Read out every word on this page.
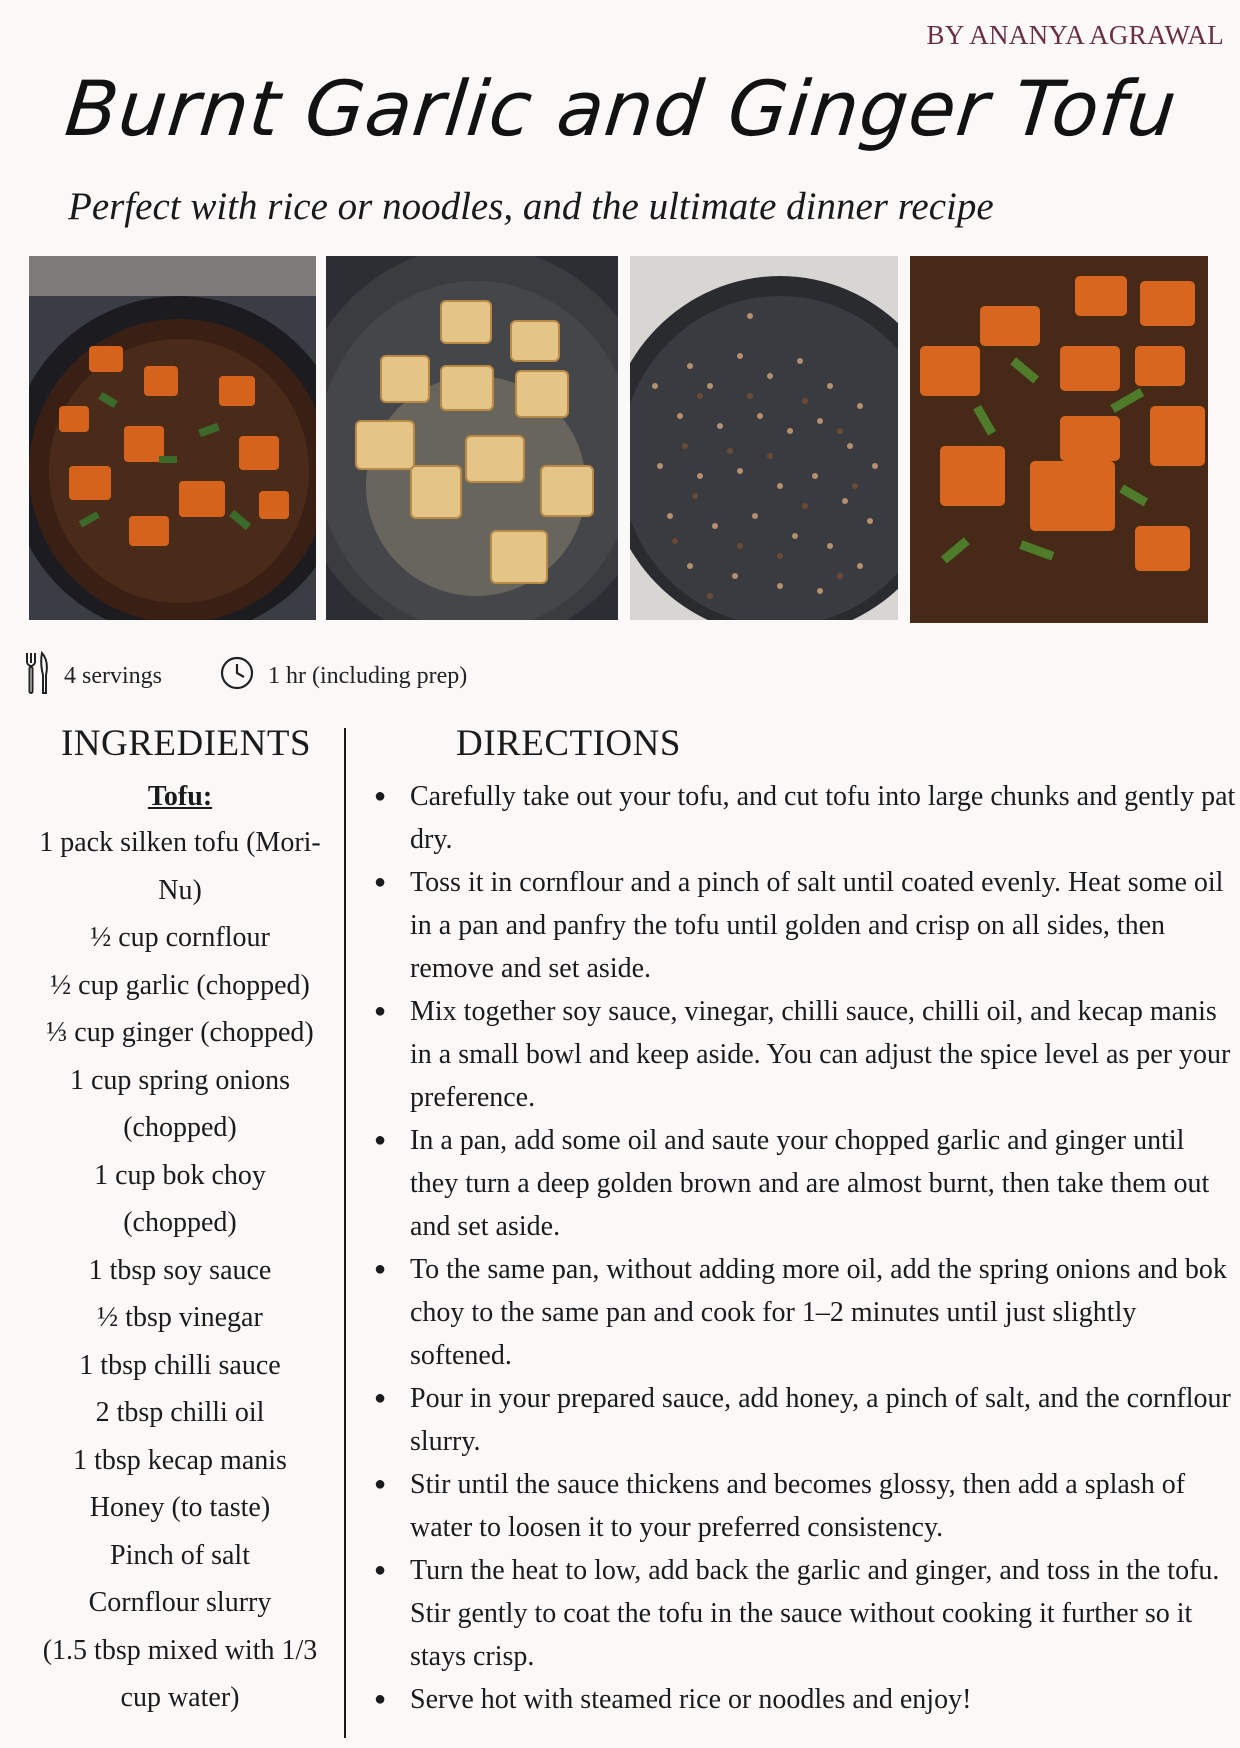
BY ANANYA AGRAWAL
Burnt Garlic and Ginger Tofu
Perfect with rice or noodles, and the ultimate dinner recipe
4 servings	1 hr (including prep)
INGREDIENTS
Tofu:
1 pack silken tofu (Mori-
Nu)
½ cup cornflour
½ cup garlic (chopped)
⅓ cup ginger (chopped)
1 cup spring onions
(chopped)
1 cup bok choy
(chopped)
1 tbsp soy sauce
½ tbsp vinegar
1 tbsp chilli sauce
2 tbsp chilli oil
1 tbsp kecap manis
Honey (to taste)
Pinch of salt
Cornflour slurry
(1.5 tbsp mixed with 1/3
cup water)
DIRECTIONS
● Carefully take out your tofu, and cut tofu into large chunks and gently pat dry.
● Toss it in cornflour and a pinch of salt until coated evenly. Heat some oil in a pan and panfry the tofu until golden and crisp on all sides, then remove and set aside.
● Mix together soy sauce, vinegar, chilli sauce, chilli oil, and kecap manis in a small bowl and keep aside. You can adjust the spice level as per your preference.
● In a pan, add some oil and saute your chopped garlic and ginger until they turn a deep golden brown and are almost burnt, then take them out and set aside.
● To the same pan, without adding more oil, add the spring onions and bok choy to the same pan and cook for 1–2 minutes until just slightly softened.
● Pour in your prepared sauce, add honey, a pinch of salt, and the cornflour slurry.
● Stir until the sauce thickens and becomes glossy, then add a splash of water to loosen it to your preferred consistency.
● Turn the heat to low, add back the garlic and ginger, and toss in the tofu. Stir gently to coat the tofu in the sauce without cooking it further so it stays crisp.
● Serve hot with steamed rice or noodles and enjoy!
